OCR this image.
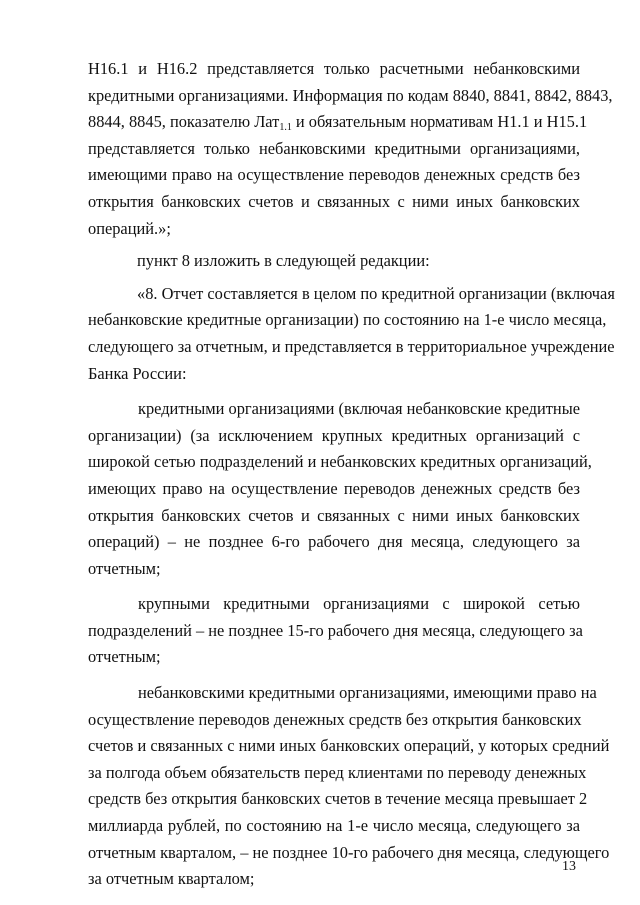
Н16.1 и Н16.2 представляется только расчетными небанковскими
кредитными организациями. Информация по кодам 8840, 8841, 8842, 8843,
8844, 8845, показателю Лат$_{1.1}$ и обязательным нормативам Н1.1 и Н15.1
представляется только небанковскими кредитными организациями,
имеющими право на осуществление переводов денежных средств без
открытия банковских счетов и связанных с ними иных банковских
операций.»;
пункт 8 изложить в следующей редакции:
«8. Отчет составляется в целом по кредитной организации (включая
небанковские кредитные организации) по состоянию на 1-е число месяца,
следующего за отчетным, и представляется в территориальное учреждение
Банка России:
кредитными организациями (включая небанковские кредитные
организации) (за исключением крупных кредитных организаций с
широкой сетью подразделений и небанковских кредитных организаций,
имеющих право на осуществление переводов денежных средств без
открытия банковских счетов и связанных с ними иных банковских
операций) – не позднее 6-го рабочего дня месяца, следующего за
отчетным;
крупными кредитными организациями с широкой сетью
подразделений – не позднее 15-го рабочего дня месяца, следующего за
отчетным;
небанковскими кредитными организациями, имеющими право на
осуществление переводов денежных средств без открытия банковских
счетов и связанных с ними иных банковских операций, у которых средний
за полгода объем обязательств перед клиентами по переводу денежных
средств без открытия банковских счетов в течение месяца превышает 2
миллиарда рублей, по состоянию на 1-е число месяца, следующего за
отчетным кварталом, – не позднее 10-го рабочего дня месяца, следующего
за отчетным кварталом;
13
